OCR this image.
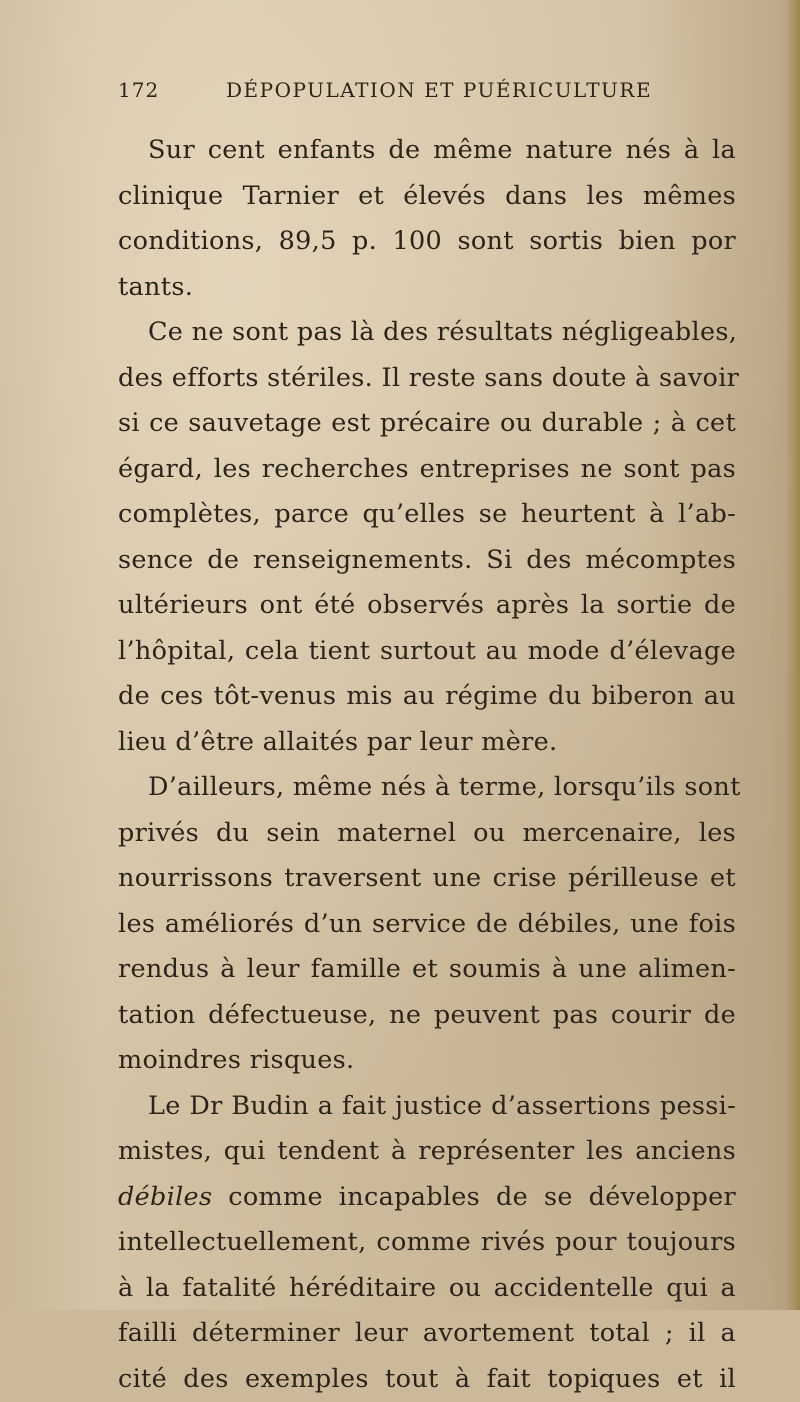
172	DÉPOPULATION ET PUÉRICULTURE
Sur cent enfants de même nature nés à la
clinique Tarnier et élevés dans les mêmes
conditions, 89,5 p. 100 sont sortis bien por
tants.
Ce ne sont pas là des résultats négligeables,
des efforts stériles. Il reste sans doute à savoir
si ce sauvetage est précaire ou durable ; à cet
égard, les recherches entreprises ne sont pas
complètes, parce qu’elles se heurtent à l’ab-
sence de renseignements. Si des mécomptes
ultérieurs ont été observés après la sortie de
l’hôpital, cela tient surtout au mode d’élevage
de ces tôt-venus mis au régime du biberon au
lieu d’être allaités par leur mère.
D’ailleurs, même nés à terme, lorsqu’ils sont
privés du sein maternel ou mercenaire, les
nourrissons traversent une crise périlleuse et
les améliorés d’un service de débiles, une fois
rendus à leur famille et soumis à une alimen-
tation défectueuse, ne peuvent pas courir de
moindres risques.
Le Dr Budin a fait justice d’assertions pessi-
mistes, qui tendent à représenter les anciens
débiles comme incapables de se développer
intellectuellement, comme rivés pour toujours
à la fatalité héréditaire ou accidentelle qui a
failli déterminer leur avortement total ; il a
cité des exemples tout à fait topiques et il
